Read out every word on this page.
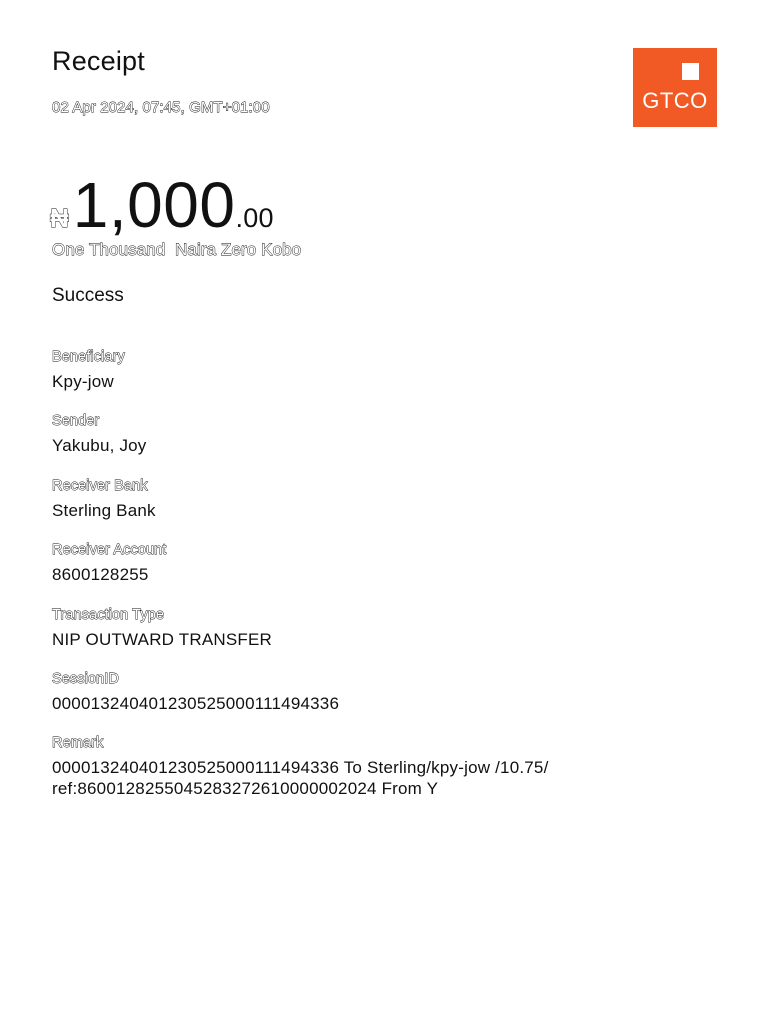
Receipt
02 Apr 2024, 07:45, GMT+01:00	GTCO
₦1,000.00
One Thousand  Naira Zero Kobo
Success
Beneficiary
Kpy-jow
Sender
Yakubu, Joy
Receiver Bank
Sterling Bank
Receiver Account
8600128255
Transaction Type
NIP OUTWARD TRANSFER
SessionID
000013240401230525000111494336
Remark
000013240401230525000111494336 To Sterling/kpy-jow /10.75/
ref:8600128255045283272610000002024 From Y
